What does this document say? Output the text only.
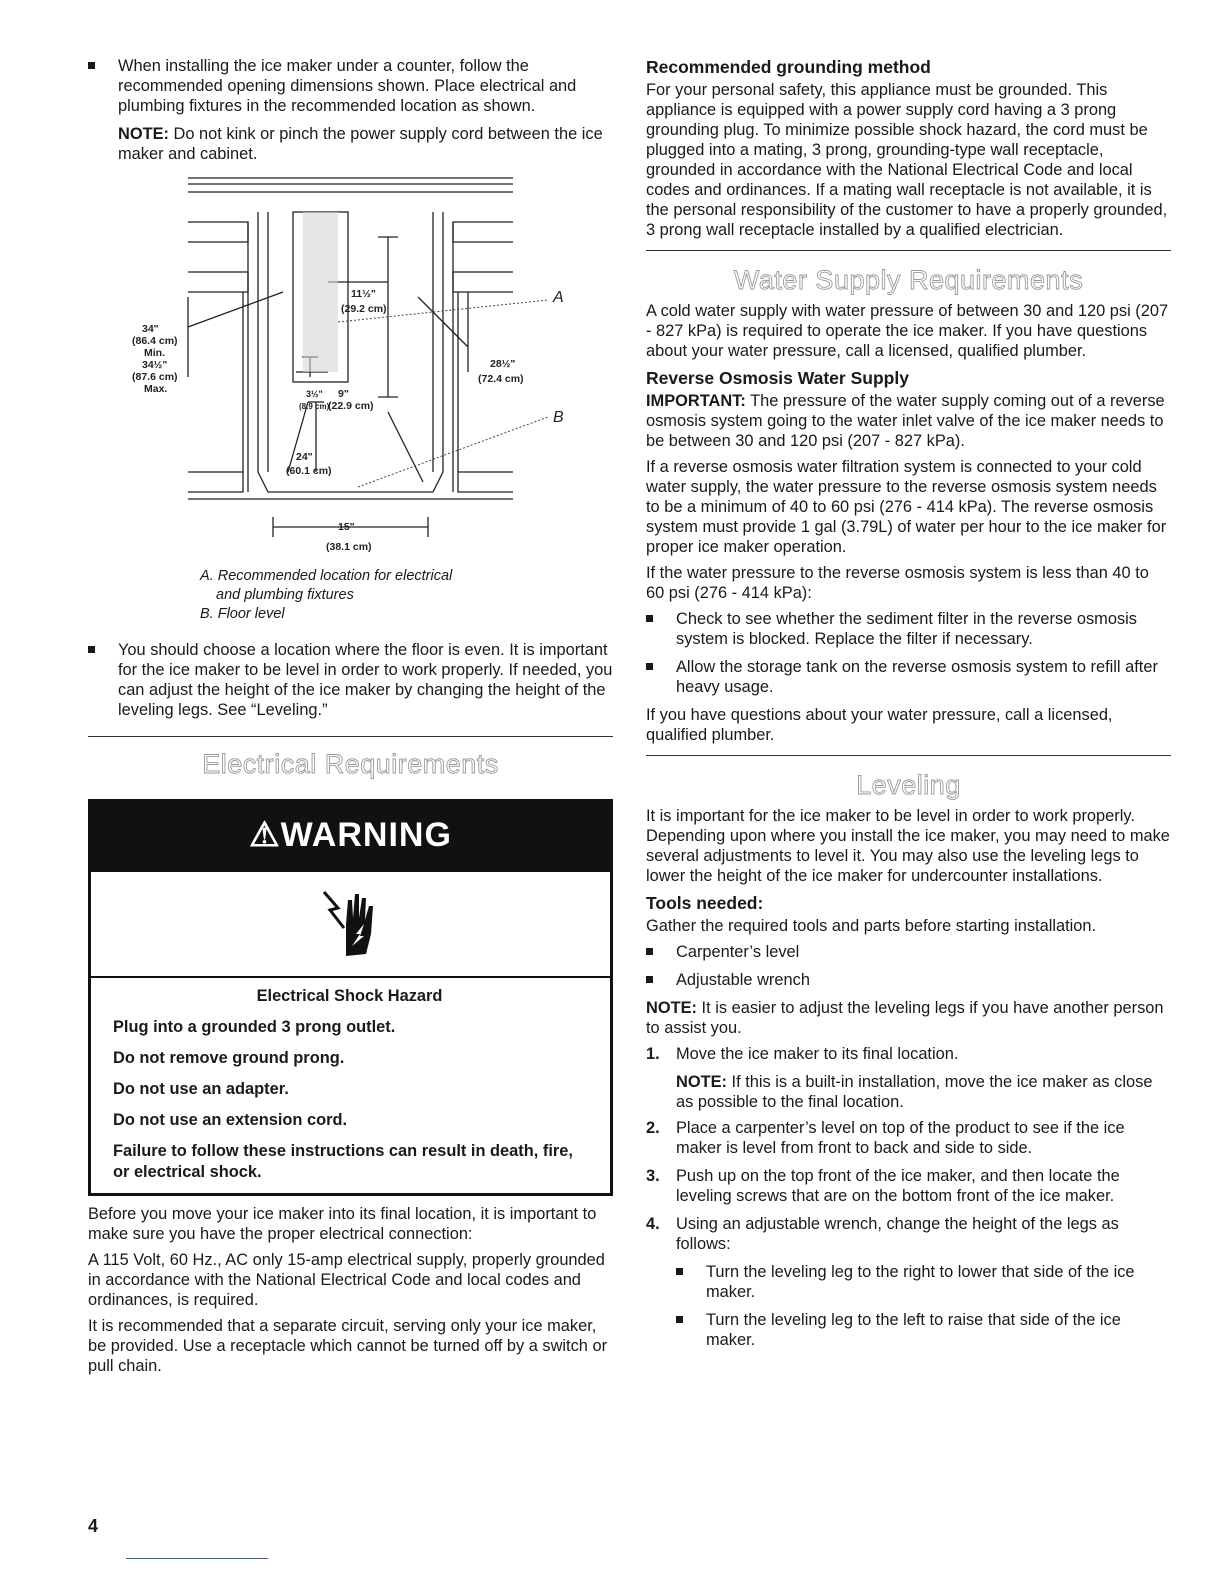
When installing the ice maker under a counter, follow the recommended opening dimensions shown. Place electrical and plumbing fixtures in the recommended location as shown.

NOTE: Do not kink or pinch the power supply cord between the ice maker and cabinet.

34"
(86.4 cm)
Min.
34½"
(87.6 cm)
Max.
11½"
(29.2 cm)
28½"
(72.4 cm)
3½"
(8.9 cm)
9"
(22.9 cm)
24"
(60.1 cm)
15"
(38.1 cm)
A
B

A. Recommended location for electrical

and plumbing fixtures

B. Floor level

You should choose a location where the floor is even. It is important for the ice maker to be level in order to work properly. If needed, you can adjust the height of the ice maker by changing the height of the leveling legs. See “Leveling.”
Electrical Requirements
⚠WARNING

Electrical Shock Hazard

Plug into a grounded 3 prong outlet.

Do not remove ground prong.

Do not use an adapter.

Do not use an extension cord.

Failure to follow these instructions can result in death, fire, or electrical shock.

Before you move your ice maker into its final location, it is important to make sure you have the proper electrical connection:

A 115 Volt, 60 Hz., AC only 15-amp electrical supply, properly grounded in accordance with the National Electrical Code and local codes and ordinances, is required.

It is recommended that a separate circuit, serving only your ice maker, be provided. Use a receptacle which cannot be turned off by a switch or pull chain.

Recommended grounding method

For your personal safety, this appliance must be grounded. This appliance is equipped with a power supply cord having a 3 prong grounding plug. To minimize possible shock hazard, the cord must be plugged into a mating, 3 prong, grounding-type wall receptacle, grounded in accordance with the National Electrical Code and local codes and ordinances. If a mating wall receptacle is not available, it is the personal responsibility of the customer to have a properly grounded, 3 prong wall receptacle installed by a qualified electrician.

Water Supply Requirements

A cold water supply with water pressure of between 30 and 120 psi (207 - 827 kPa) is required to operate the ice maker. If you have questions about your water pressure, call a licensed, qualified plumber.

Reverse Osmosis Water Supply

IMPORTANT: The pressure of the water supply coming out of a reverse osmosis system going to the water inlet valve of the ice maker needs to be between 30 and 120 psi (207 - 827 kPa).

If a reverse osmosis water filtration system is connected to your cold water supply, the water pressure to the reverse osmosis system needs to be a minimum of 40 to 60 psi (276 - 414 kPa). The reverse osmosis system must provide 1 gal (3.79L) of water per hour to the ice maker for proper ice maker operation.

If the water pressure to the reverse osmosis system is less than 40 to 60 psi (276 - 414 kPa):

Check to see whether the sediment filter in the reverse osmosis system is blocked. Replace the filter if necessary.
Allow the storage tank on the reverse osmosis system to refill after heavy usage.

If you have questions about your water pressure, call a licensed, qualified plumber.

Leveling

It is important for the ice maker to be level in order to work properly. Depending upon where you install the ice maker, you may need to make several adjustments to level it. You may also use the leveling legs to lower the height of the ice maker for undercounter installations.

Tools needed:

Gather the required tools and parts before starting installation.

Carpenter’s level
Adjustable wrench

NOTE: It is easier to adjust the leveling legs if you have another person to assist you.

1. Move the ice maker to its final location.

NOTE: If this is a built-in installation, move the ice maker as close as possible to the final location.

2. Place a carpenter’s level on top of the product to see if the ice maker is level from front to back and side to side.
3. Push up on the top front of the ice maker, and then locate the leveling screws that are on the bottom front of the ice maker.
4. Using an adjustable wrench, change the height of the legs as follows:
Turn the leveling leg to the right to lower that side of the ice maker.
Turn the leveling leg to the left to raise that side of the ice maker.
4
